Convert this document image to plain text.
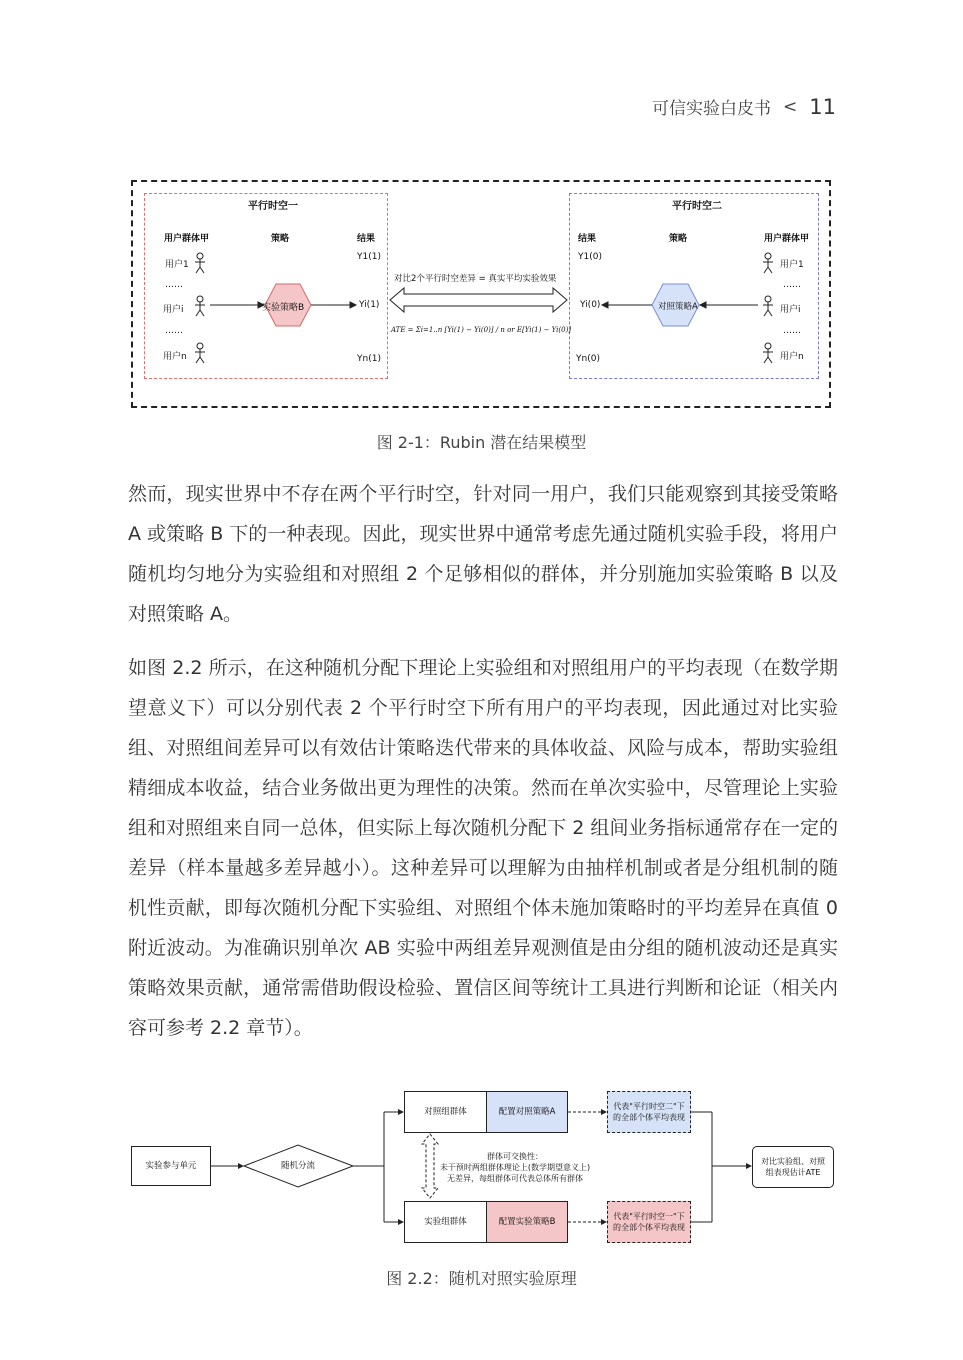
可信实验白皮书 < 11
平行时空一	平行时空二
用户群体甲	策略	结果	结果	策略	用户群体甲
用户1
……
用户i
……
用户n
用户1
……
用户i
……
用户n
Y1(1)
Yi(1)
Yn(1)
Y1(0)
Yi(0)
Yn(0)
对比2个平行时空差异 = 真实平均实验效果
ATE = Σi=1..n [Yi(1) − Yi(0)] / n or E[Yi(1) − Yi(0)]
实验策略B	对照策略A
图 2-1：Rubin 潜在结果模型

然而，现实世界中不存在两个平行时空，针对同一用户，我们只能观察到其接受策略 A 或策略 B 下的一种表现。因此，现实世界中通常考虑先通过随机实验手段，将用户随机均匀地分为实验组和对照组 2 个足够相似的群体，并分别施加实验策略 B 以及对照策略 A。

如图 2.2 所示，在这种随机分配下理论上实验组和对照组用户的平均表现（在数学期望意义下）可以分别代表 2 个平行时空下所有用户的平均表现，因此通过对比实验组、对照组间差异可以有效估计策略迭代带来的具体收益、风险与成本，帮助实验组精细成本收益，结合业务做出更为理性的决策。然而在单次实验中，尽管理论上实验组和对照组来自同一总体，但实际上每次随机分配下 2 组间业务指标通常存在一定的差异（样本量越多差异越小）。这种差异可以理解为由抽样机制或者是分组机制的随机性贡献，即每次随机分配下实验组、对照组个体未施加策略时的平均差异在真值 0 附近波动。为准确识别单次 AB 实验中两组差异观测值是由分组的随机波动还是真实策略效果贡献，通常需借助假设检验、置信区间等统计工具进行判断和论证（相关内容可参考 2.2 章节）。

实验参与单元	随机分流
对照组群体	配置对照策略A
实验组群体	配置实验策略B
代表"平行时空二"下的全部个体平均表现
代表"平行时空一"下的全部个体平均表现
对比实验组、对照组表现估计ATE
群体可交换性：
未干预时两组群体理论上(数学期望意义上)
无差异，每组群体可代表总体所有群体
图 2.2：随机对照实验原理
